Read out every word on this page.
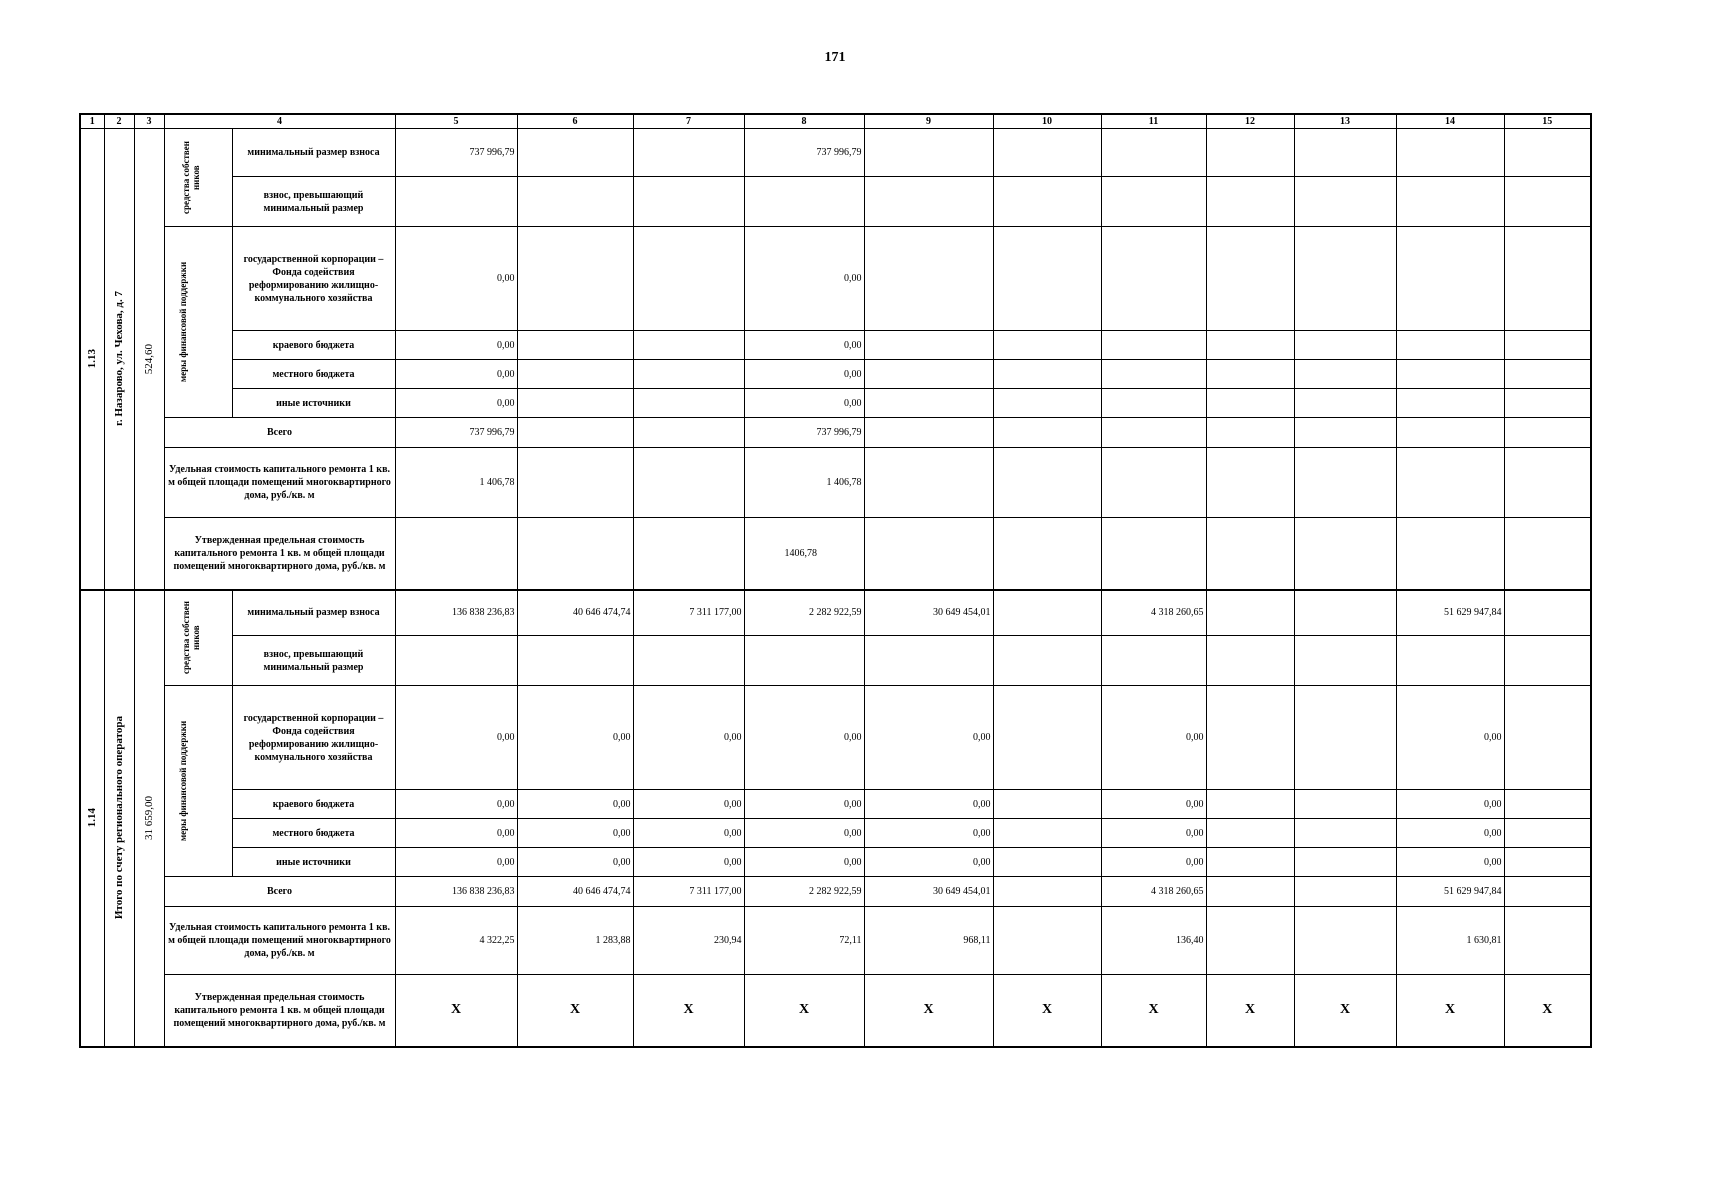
171
1	2	3	4		5	6	7	8	9	10	11	12	13	14	15

1.13	г. Назарово, ул. Чехова, д. 7	524,60	средства собствен ников	минимальный размер взноса	737 996,79			737 996,79							
				взнос, превышающий минимальный размер											

			меры финансовой поддержки	государственной корпорации – Фонда содействия реформированию жилищно-коммунального хозяйства	0,00			0,00							
				краевого бюджета	0,00			0,00							
				местного бюджета	0,00			0,00							
				иные источники	0,00			0,00							
			Всего		737 996,79			737 996,79							
			Удельная стоимость капитального ремонта 1 кв. м общей площади помещений многоквартирного дома, руб./кв. м		1 406,78			1 406,78							
			Утвержденная предельная стоимость капитального ремонта 1 кв. м общей площади помещений многоквартирного дома, руб./кв. м					1406,78							

1.14	Итого по счету регионального оператора	31 659,00	средства собствен ников	минимальный размер взноса	136 838 236,83	40 646 474,74	7 311 177,00	2 282 922,59	30 649 454,01		4 318 260,65			51 629 947,84	
				взнос, превышающий минимальный размер											

			меры финансовой поддержки	государственной корпорации – Фонда содействия реформированию жилищно-коммунального хозяйства	0,00	0,00	0,00	0,00	0,00		0,00			0,00	
				краевого бюджета	0,00	0,00	0,00	0,00	0,00		0,00			0,00	
				местного бюджета	0,00	0,00	0,00	0,00	0,00		0,00			0,00	
				иные источники	0,00	0,00	0,00	0,00	0,00		0,00			0,00	
			Всего		136 838 236,83	40 646 474,74	7 311 177,00	2 282 922,59	30 649 454,01		4 318 260,65			51 629 947,84	
			Удельная стоимость капитального ремонта 1 кв. м общей площади помещений многоквартирного дома, руб./кв. м		4 322,25	1 283,88	230,94	72,11	968,11		136,40			1 630,81	
			Утвержденная предельная стоимость капитального ремонта 1 кв. м общей площади помещений многоквартирного дома, руб./кв. м		X	X	X	X	X	X	X	X	X	X	X
